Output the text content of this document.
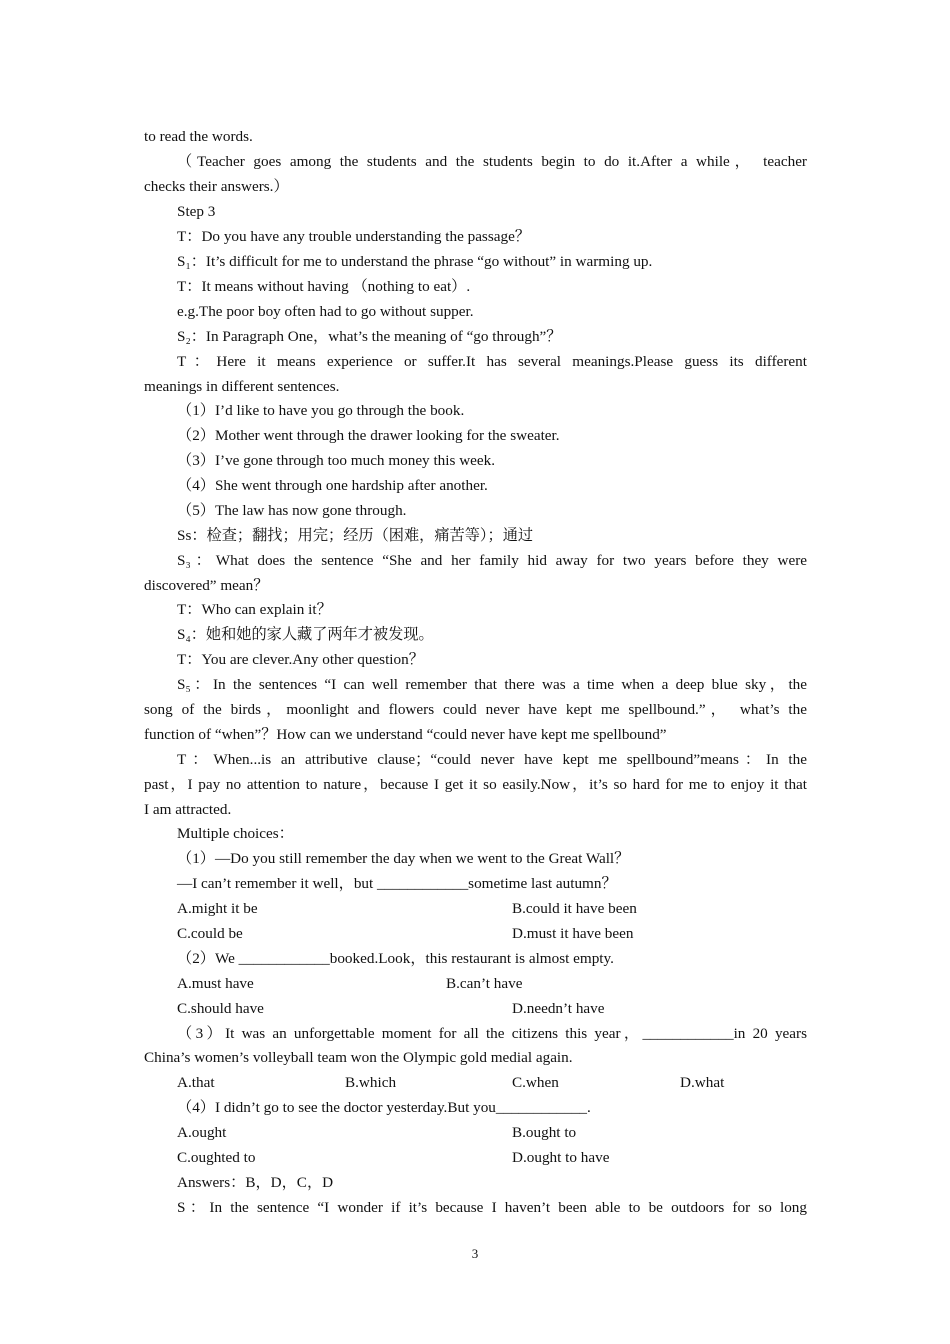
to read the words.
（Teacher goes among the students and the students begin to do it.After a while， teacher
checks their answers.）
Step 3
T：Do you have any trouble understanding the passage？
S₁：It’s difficult for me to understand the phrase “go without” in warming up.
T：It means without having （nothing to eat）.
e.g.The poor boy often had to go without supper.
S₂：In Paragraph One，what’s the meaning of “go through”？
T：Here it means experience or suffer.It has several meanings.Please guess its different
meanings in different sentences.
（1）I’d like to have you go through the book.
（2）Mother went through the drawer looking for the sweater.
（3）I’ve gone through too much money this week.
（4）She went through one hardship after another.
（5）The law has now gone through.
Ss：检查；翻找；用完；经历（困难，痛苦等）；通过
S₃：What does the sentence “She and her family hid away for two years before they were
discovered” mean？
T：Who can explain it？
S₄：她和她的家人藏了两年才被发现。
T：You are clever.Any other question？
S₅：In the sentences “I can well remember that there was a time when a deep blue sky，the
song of the birds，moonlight and flowers could never have kept me spellbound.”， what’s the
function of “when”？How can we understand “could never have kept me spellbound”
T：When...is an attributive clause；“could never have kept me spellbound”means：In the
past，I pay no attention to nature，because I get it so easily.Now，it’s so hard for me to enjoy it that
I am attracted.
Multiple choices：
（1）—Do you still remember the day when we went to the Great Wall？
—I can’t remember it well，but ____________sometime last autumn？
A.might it be	B.could it have been
C.could be	D.must it have been
（2）We ____________booked.Look，this restaurant is almost empty.
A.must have	B.can’t have
C.should have	D.needn’t have
（3）It was an unforgettable moment for all the citizens this year，____________in 20 years
China’s women’s volleyball team won the Olympic gold medial again.
A.that	B.which	C.when	D.what
（4）I didn’t go to see the doctor yesterday.But you____________.
A.ought	B.ought to
C.oughted to	D.ought to have
Answers：B，D，C，D
S：In the sentence “I wonder if it’s because I haven’t been able to be outdoors for so long
3
